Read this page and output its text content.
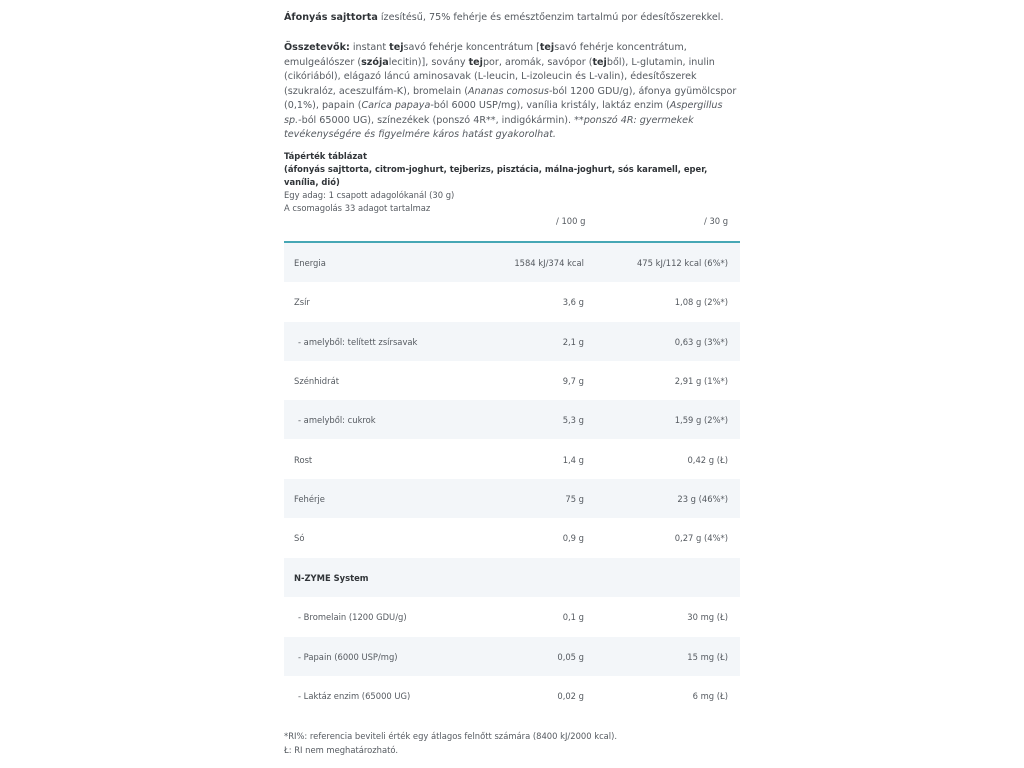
Áfonyás sajttorta ízesítésű, 75% fehérje és emésztőenzim tartalmú por édesítőszerekkel.
Összetevők: instant tejsavó fehérje koncentrátum [tejsavó fehérje koncentrátum, emulgeálószer (szójalecitin)], sovány tejpor, aromák, savópor (tejből), L-glutamin, inulin (cikóriából), elágazó láncú aminosavak (L-leucin, L-izoleucin és L-valin), édesítőszerek (szukralóz, aceszulfám-K), bromelain (Ananas comosus-ból 1200 GDU/g), áfonya gyümölcspor (0,1%), papain (Carica papaya-ból 6000 USP/mg), vanília kristály, laktáz enzim (Aspergillus sp.-ból 65000 UG), színezékek (ponszó 4R**, indigókármin). **ponszó 4R: gyermekek tevékenységére és figyelmére káros hatást gyakorolhat.
Tápérték táblázat
(áfonyás sajttorta, citrom-joghurt, tejberizs, pisztácia, málna-joghurt, sós karamell, eper, vanília, dió)
Egy adag: 1 csapott adagolókanál (30 g)
A csomagolás 33 adagot tartalmaz
/ 100 g	/ 30 g
Energia	1584 kJ/374 kcal	475 kJ/112 kcal (6%*)
Zsír	3,6 g	1,08 g (2%*)
- amelyből: telített zsírsavak	2,1 g	0,63 g (3%*)
Szénhidrát	9,7 g	2,91 g (1%*)
- amelyből: cukrok	5,3 g	1,59 g (2%*)
Rost	1,4 g	0,42 g (Ł)
Fehérje	75 g	23 g (46%*)
Só	0,9 g	0,27 g (4%*)
N-ZYME System
- Bromelain (1200 GDU/g)	0,1 g	30 mg (Ł)
- Papain (6000 USP/mg)	0,05 g	15 mg (Ł)
- Laktáz enzim (65000 UG)	0,02 g	6 mg (Ł)
*RI%: referencia beviteli érték egy átlagos felnőtt számára (8400 kJ/2000 kcal).
Ł: RI nem meghatározható.
